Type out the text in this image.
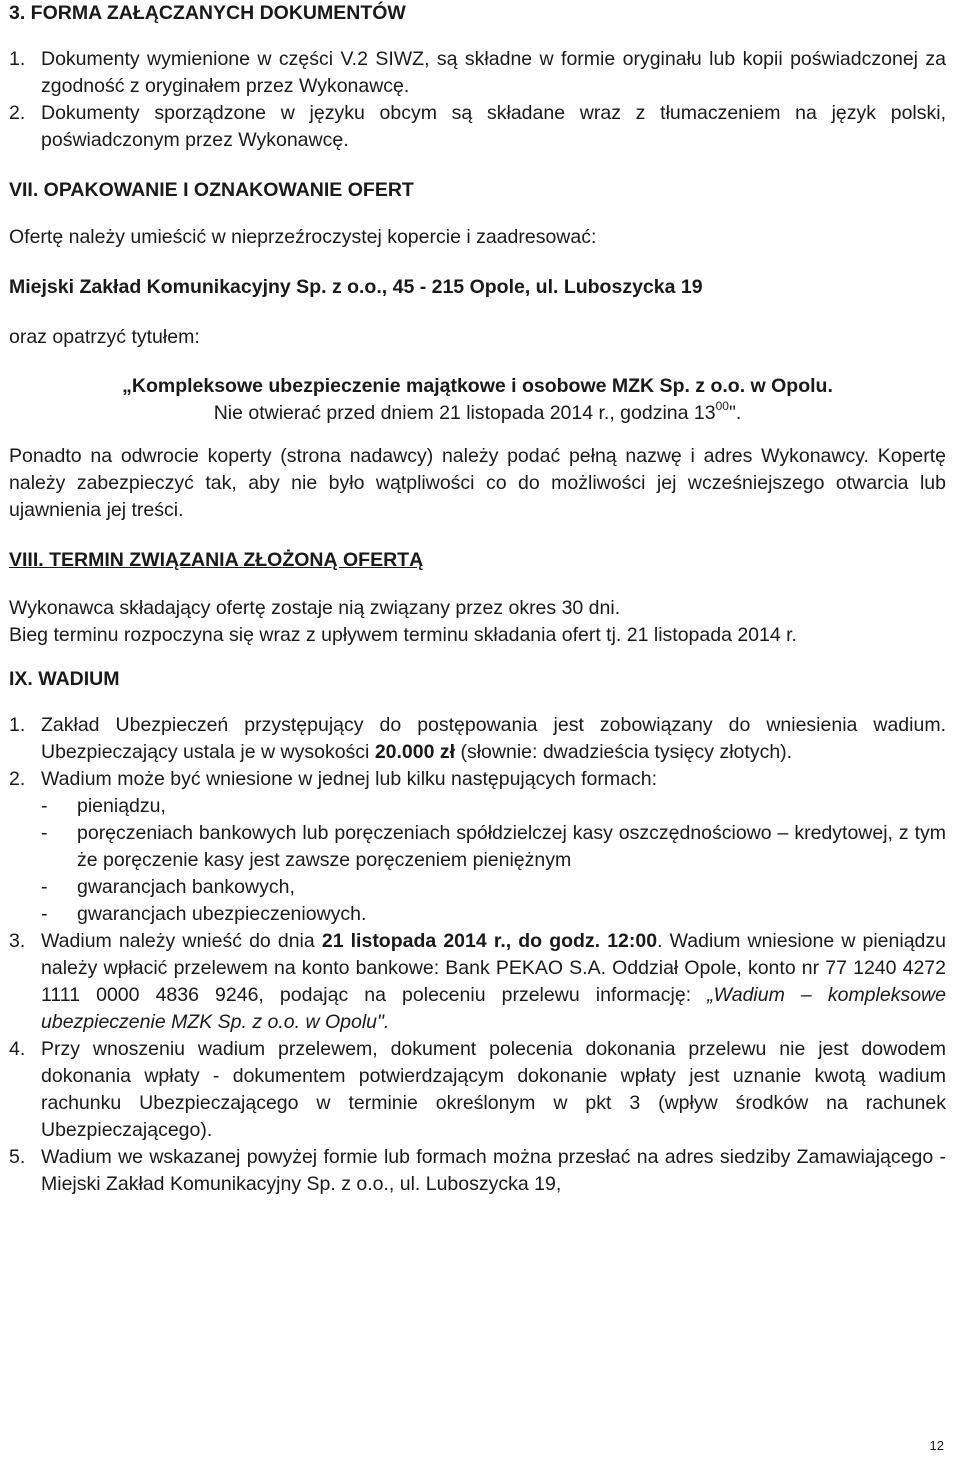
3. FORMA ZAŁĄCZANYCH DOKUMENTÓW
1. Dokumenty wymienione w części V.2 SIWZ, są składne w formie oryginału lub kopii poświadczonej za zgodność z oryginałem przez Wykonawcę.
2. Dokumenty sporządzone w języku obcym są składane wraz z tłumaczeniem na język polski, poświadczonym przez Wykonawcę.
VII. OPAKOWANIE I OZNAKOWANIE OFERT

Ofertę należy umieścić w nieprzeźroczystej kopercie i zaadresować:

Miejski Zakład Komunikacyjny Sp. z o.o., 45 - 215 Opole, ul. Luboszycka 19

oraz opatrzyć tytułem:

„Kompleksowe ubezpieczenie majątkowe i osobowe MZK Sp. z o.o. w Opolu.

Nie otwierać przed dniem 21 listopada 2014 r., godzina $13^{00}$".

Ponadto na odwrocie koperty (strona nadawcy) należy podać pełną nazwę i adres Wykonawcy. Kopertę należy zabezpieczyć tak, aby nie było wątpliwości co do możliwości jej wcześniejszego otwarcia lub ujawnienia jej treści.

VIII. TERMIN ZWIĄZANIA ZŁOŻONĄ OFERTĄ

Wykonawca składający ofertę zostaje nią związany przez okres 30 dni.

Bieg terminu rozpoczyna się wraz z upływem terminu składania ofert tj. 21 listopada 2014 r.

IX. WADIUM
1. Zakład Ubezpieczeń przystępujący do postępowania jest zobowiązany do wniesienia wadium. Ubezpieczający ustala je w wysokości 20.000 zł (słownie: dwadzieścia tysięcy złotych).
2. Wadium może być wniesione w jednej lub kilku następujących formach:
-	pieniądzu,
-	poręczeniach bankowych lub poręczeniach spółdzielczej kasy oszczędnościowo – kredytowej, z tym że poręczenie kasy jest zawsze poręczeniem pieniężnym
-	gwarancjach bankowych,
-	gwarancjach ubezpieczeniowych.
3. Wadium należy wnieść do dnia 21 listopada 2014 r., do godz. 12:00. Wadium wniesione w pieniądzu należy wpłacić przelewem na konto bankowe: Bank PEKAO S.A. Oddział Opole, konto nr 77 1240 4272 1111 0000 4836 9246, podając na poleceniu przelewu informację: „Wadium – kompleksowe ubezpieczenie MZK Sp. z o.o. w Opolu".
4. Przy wnoszeniu wadium przelewem, dokument polecenia dokonania przelewu nie jest dowodem dokonania wpłaty - dokumentem potwierdzającym dokonanie wpłaty jest uznanie kwotą wadium rachunku Ubezpieczającego w terminie określonym w pkt 3 (wpływ środków na rachunek Ubezpieczającego).
5. Wadium we wskazanej powyżej formie lub formach można przesłać na adres siedziby Zamawiającego - Miejski Zakład Komunikacyjny Sp. z o.o., ul. Luboszycka 19,
12
